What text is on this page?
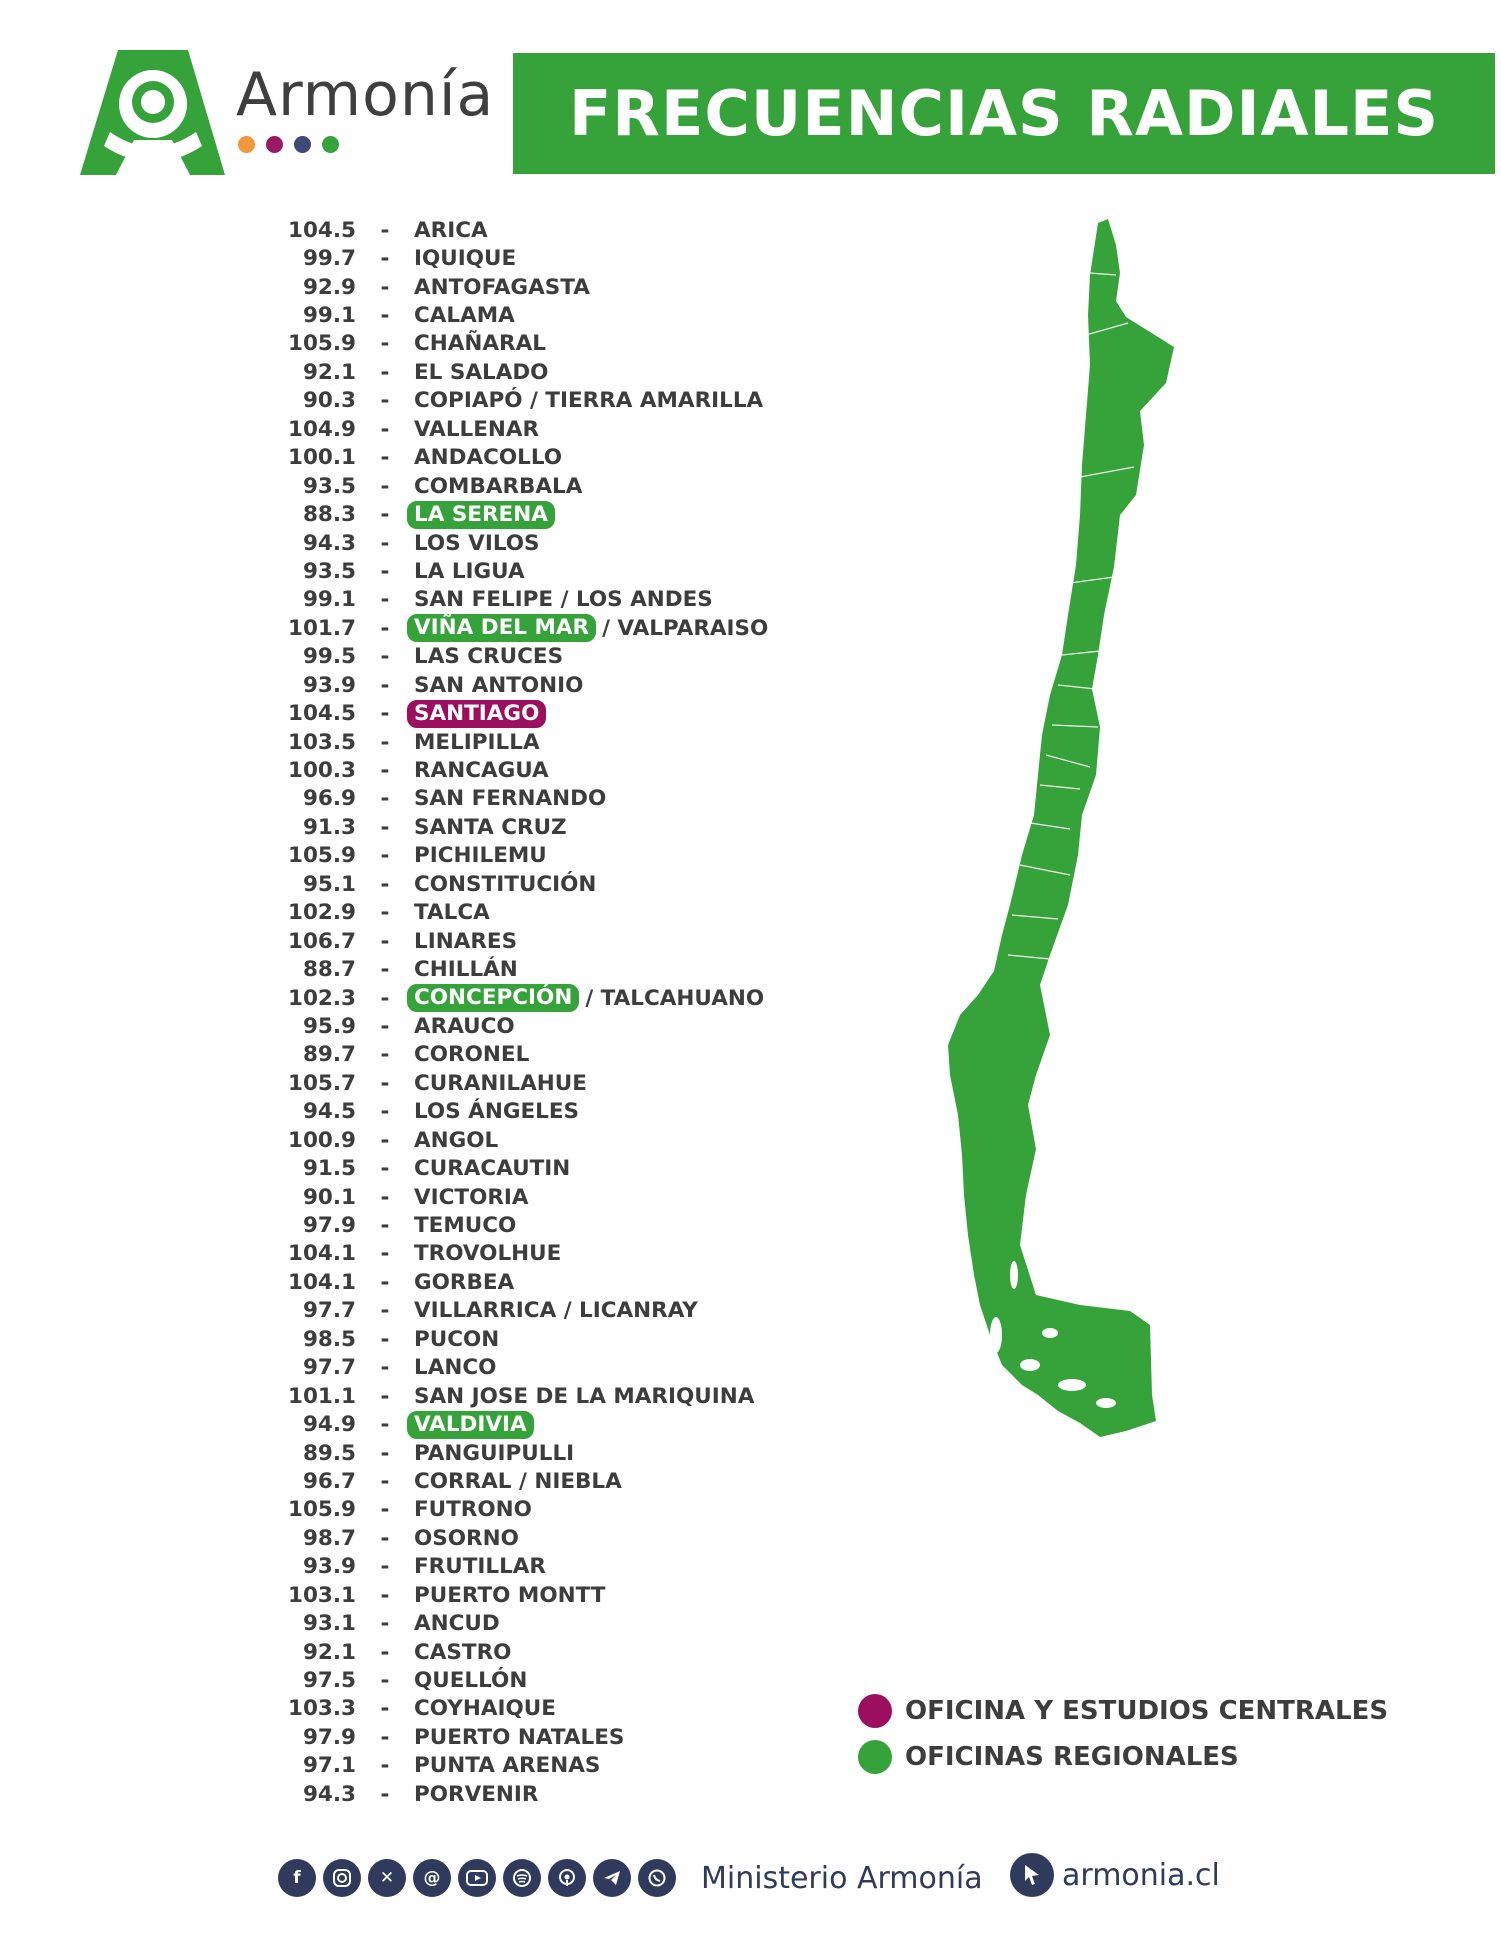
Armonía FRECUENCIAS RADIALES
104.5	-	ARICA
99.7	-	IQUIQUE
92.9	-	ANTOFAGASTA
99.1	-	CALAMA
105.9	-	CHAÑARAL
92.1	-	EL SALADO
90.3	-	COPIAPÓ / TIERRA AMARILLA
104.9	-	VALLENAR
100.1	-	ANDACOLLO
93.5	-	COMBARBALA
88.3	-	LA SERENA
94.3	-	LOS VILOS
93.5	-	LA LIGUA
99.1	-	SAN FELIPE / LOS ANDES
101.7	-	VIÑA DEL MAR / VALPARAISO
99.5	-	LAS CRUCES
93.9	-	SAN ANTONIO
104.5	-	SANTIAGO
103.5	-	MELIPILLA
100.3	-	RANCAGUA
96.9	-	SAN FERNANDO
91.3	-	SANTA CRUZ
105.9	-	PICHILEMU
95.1	-	CONSTITUCIÓN
102.9	-	TALCA
106.7	-	LINARES
88.7	-	CHILLÁN
102.3	-	CONCEPCIÓN / TALCAHUANO
95.9	-	ARAUCO
89.7	-	CORONEL
105.7	-	CURANILAHUE
94.5	-	LOS ÁNGELES
100.9	-	ANGOL
91.5	-	CURACAUTIN
90.1	-	VICTORIA
97.9	-	TEMUCO
104.1	-	TROVOLHUE
104.1	-	GORBEA
97.7	-	VILLARRICA / LICANRAY
98.5	-	PUCON
97.7	-	LANCO
101.1	-	SAN JOSE DE LA MARIQUINA
94.9	-	VALDIVIA
89.5	-	PANGUIPULLI
96.7	-	CORRAL / NIEBLA
105.9	-	FUTRONO
98.7	-	OSORNO
93.9	-	FRUTILLAR
103.1	-	PUERTO MONTT
93.1	-	ANCUD
92.1	-	CASTRO
97.5	-	QUELLÓN
103.3	-	COYHAIQUE
97.9	-	PUERTO NATALES
97.1	-	PUNTA ARENAS
94.3	-	PORVENIR
OFICINA Y ESTUDIOS CENTRALES
OFICINAS REGIONALES
f	✕	@	Ministerio Armonía	armonia.cl
